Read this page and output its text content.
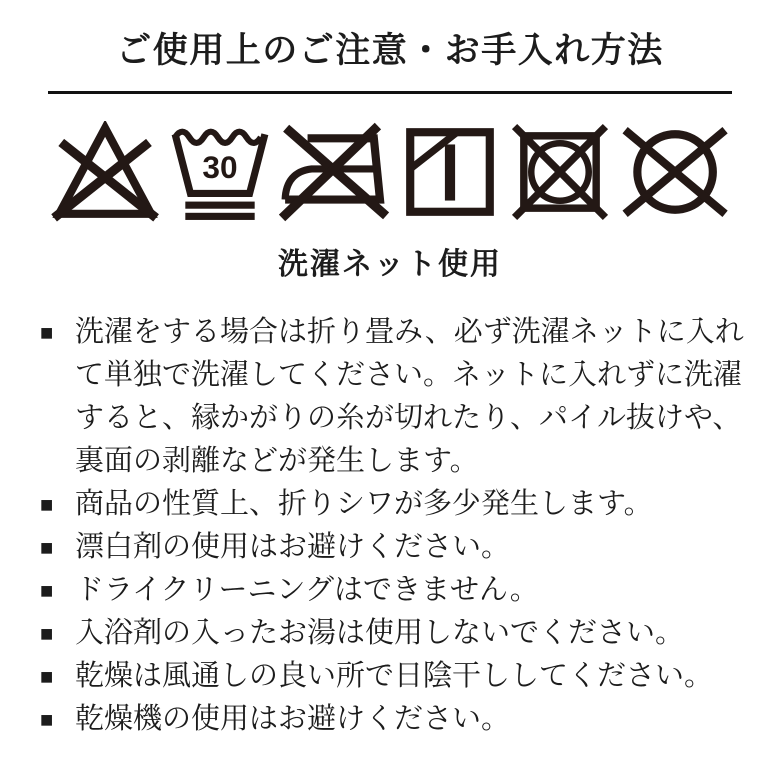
ご使用上のご注意・お手入れ方法
30
洗濯ネット使用
■ 洗濯をする場合は折り畳み、必ず洗濯ネットに入れて単独で洗濯してください。ネットに入れずに洗濯すると、縁かがりの糸が切れたり、パイル抜けや、裏面の剥離などが発生します。
■ 商品の性質上、折りシワが多少発生します。
■ 漂白剤の使用はお避けください。
■ ドライクリーニングはできません。
■ 入浴剤の入ったお湯は使用しないでください。
■ 乾燥は風通しの良い所で日陰干ししてください。
■ 乾燥機の使用はお避けください。
